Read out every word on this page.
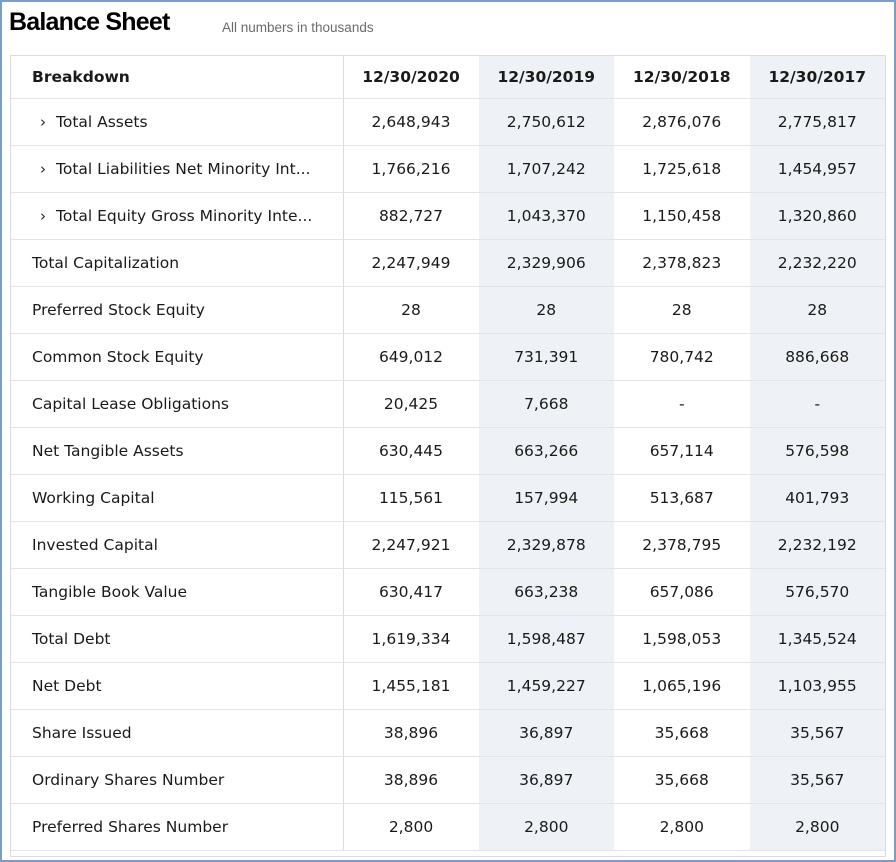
Balance Sheet	All numbers in thousands
Breakdown	12/30/2020	12/30/2019	12/30/2018	12/30/2017
› Total Assets	2,648,943	2,750,612	2,876,076	2,775,817
› Total Liabilities Net Minority Int...	1,766,216	1,707,242	1,725,618	1,454,957
› Total Equity Gross Minority Inte...	882,727	1,043,370	1,150,458	1,320,860
Total Capitalization	2,247,949	2,329,906	2,378,823	2,232,220
Preferred Stock Equity	28	28	28	28
Common Stock Equity	649,012	731,391	780,742	886,668
Capital Lease Obligations	20,425	7,668	-	-
Net Tangible Assets	630,445	663,266	657,114	576,598
Working Capital	115,561	157,994	513,687	401,793
Invested Capital	2,247,921	2,329,878	2,378,795	2,232,192
Tangible Book Value	630,417	663,238	657,086	576,570
Total Debt	1,619,334	1,598,487	1,598,053	1,345,524
Net Debt	1,455,181	1,459,227	1,065,196	1,103,955
Share Issued	38,896	36,897	35,668	35,567
Ordinary Shares Number	38,896	36,897	35,668	35,567
Preferred Shares Number	2,800	2,800	2,800	2,800
